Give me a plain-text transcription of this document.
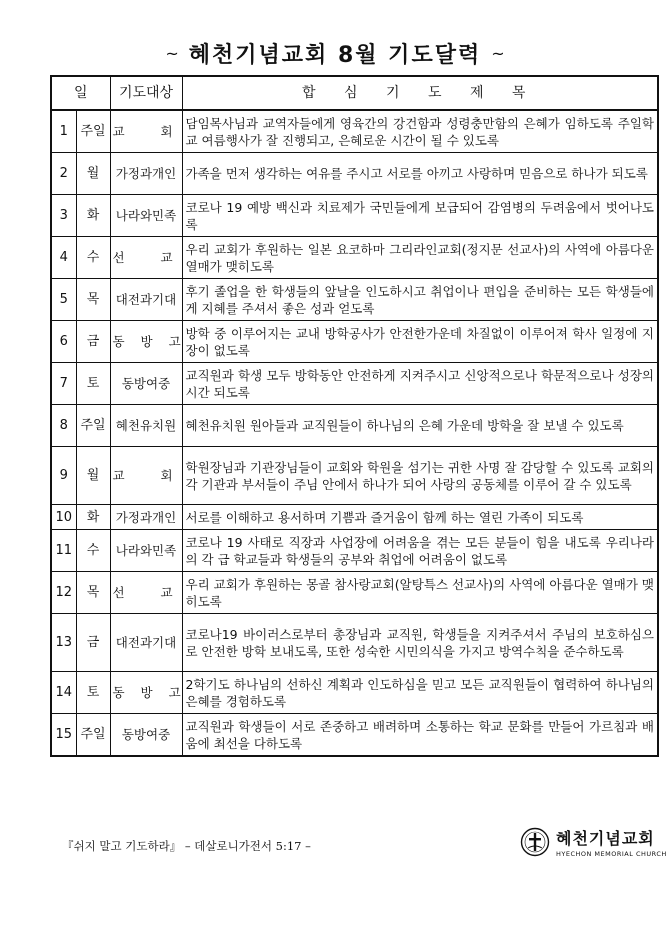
~ 혜천기념교회 8월 기도달력 ~
일		기도대상	합 심 기 도 제 목
1	주일	교 회	담임목사님과 교역자들에게 영육간의 강건함과 성령충만함의 은혜가 임하도록 주일학교 여름행사가 잘 진행되고, 은혜로운 시간이 될 수 있도록
2	월	가정과개인	가족을 먼저 생각하는 여유를 주시고 서로를 아끼고 사랑하며 믿음으로 하나가 되도록
3	화	나라와민족	코로나 19 예방 백신과 치료제가 국민들에게 보급되어 감염병의 두려움에서 벗어나도록
4	수	선 교	우리 교회가 후원하는 일본 요코하마 그리라인교회(정지문 선교사)의 사역에 아름다운 열매가 맺히도록
5	목	대전과기대	후기 졸업을 한 학생들의 앞날을 인도하시고 취업이나 편입을 준비하는 모든 학생들에게 지혜를 주셔서 좋은 성과 얻도록
6	금	동 방 고	방학 중 이루어지는 교내 방학공사가 안전한가운데 차질없이 이루어져 학사 일정에 지장이 없도록
7	토	동방여중	교직원과 학생 모두 방학동안 안전하게 지켜주시고 신앙적으로나 학문적으로나 성장의 시간 되도록
8	주일	혜천유치원	혜천유치원 원아들과 교직원들이 하나님의 은혜 가운데 방학을 잘 보낼 수 있도록
9	월	교 회	학원장님과 기관장님들이 교회와 학원을 섬기는 귀한 사명 잘 감당할 수 있도록 교회의 각 기관과 부서들이 주님 안에서 하나가 되어 사랑의 공동체를 이루어 갈 수 있도록
10	화	가정과개인	서로를 이해하고 용서하며 기쁨과 즐거움이 함께 하는 열린 가족이 되도록
11	수	나라와민족	코로나 19 사태로 직장과 사업장에 어려움을 겪는 모든 분들이 힘을 내도록 우리나라의 각 급 학교들과 학생들의 공부와 취업에 어려움이 없도록
12	목	선 교	우리 교회가 후원하는 몽골 참사랑교회(알탕특스 선교사)의 사역에 아름다운 열매가 맺히도록
13	금	대전과기대	코로나19 바이러스로부터 총장님과 교직원, 학생들을 지켜주셔서 주님의 보호하심으로 안전한 방학 보내도록, 또한 성숙한 시민의식을 가지고 방역수칙을 준수하도록
14	토	동 방 고	2학기도 하나님의 선하신 계획과 인도하심을 믿고 모든 교직원들이 협력하여 하나님의 은혜를 경험하도록
15	주일	동방여중	교직원과 학생들이 서로 존중하고 배려하며 소통하는 학교 문화를 만들어 가르침과 배움에 최선을 다하도록
『쉬지 말고 기도하라』 – 데살로니가전서 5:17 –	혜천기념교회
HYECHON MEMORIAL CHURCH
